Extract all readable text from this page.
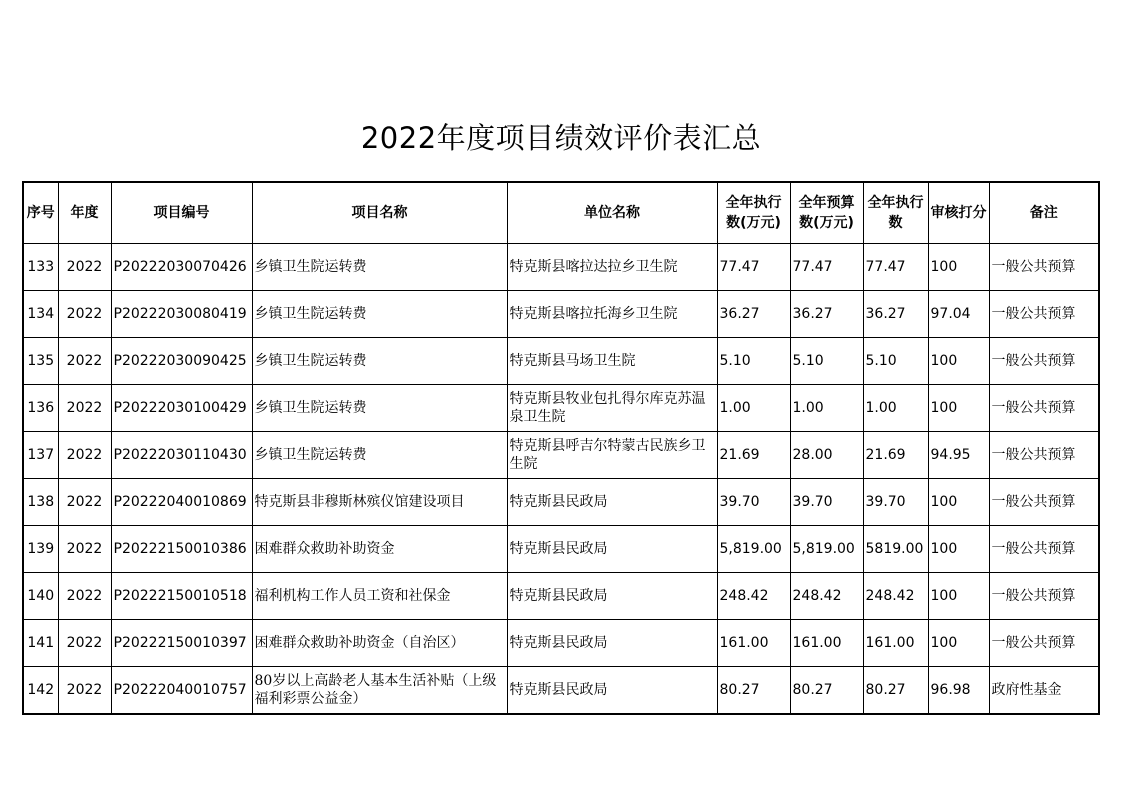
2022年度项目绩效评价表汇总
序号	年度	项目编号	项目名称	单位名称	全年执行数(万元)	全年预算数(万元)	全年执行数	审核打分	备注
133	2022	P20222030070426	乡镇卫生院运转费	特克斯县喀拉达拉乡卫生院	77.47	77.47	77.47	100	一般公共预算
134	2022	P20222030080419	乡镇卫生院运转费	特克斯县喀拉托海乡卫生院	36.27	36.27	36.27	97.04	一般公共预算
135	2022	P20222030090425	乡镇卫生院运转费	特克斯县马场卫生院	5.10	5.10	5.10	100	一般公共预算
136	2022	P20222030100429	乡镇卫生院运转费	特克斯县牧业包扎得尔库克苏温泉卫生院	1.00	1.00	1.00	100	一般公共预算
137	2022	P20222030110430	乡镇卫生院运转费	特克斯县呼吉尔特蒙古民族乡卫生院	21.69	28.00	21.69	94.95	一般公共预算
138	2022	P20222040010869	特克斯县非穆斯林殡仪馆建设项目	特克斯县民政局	39.70	39.70	39.70	100	一般公共预算
139	2022	P20222150010386	困难群众救助补助资金	特克斯县民政局	5,819.00	5,819.00	5819.00	100	一般公共预算
140	2022	P20222150010518	福利机构工作人员工资和社保金	特克斯县民政局	248.42	248.42	248.42	100	一般公共预算
141	2022	P20222150010397	困难群众救助补助资金（自治区）	特克斯县民政局	161.00	161.00	161.00	100	一般公共预算
142	2022	P20222040010757	80岁以上高龄老人基本生活补贴（上级福利彩票公益金）	特克斯县民政局	80.27	80.27	80.27	96.98	政府性基金
